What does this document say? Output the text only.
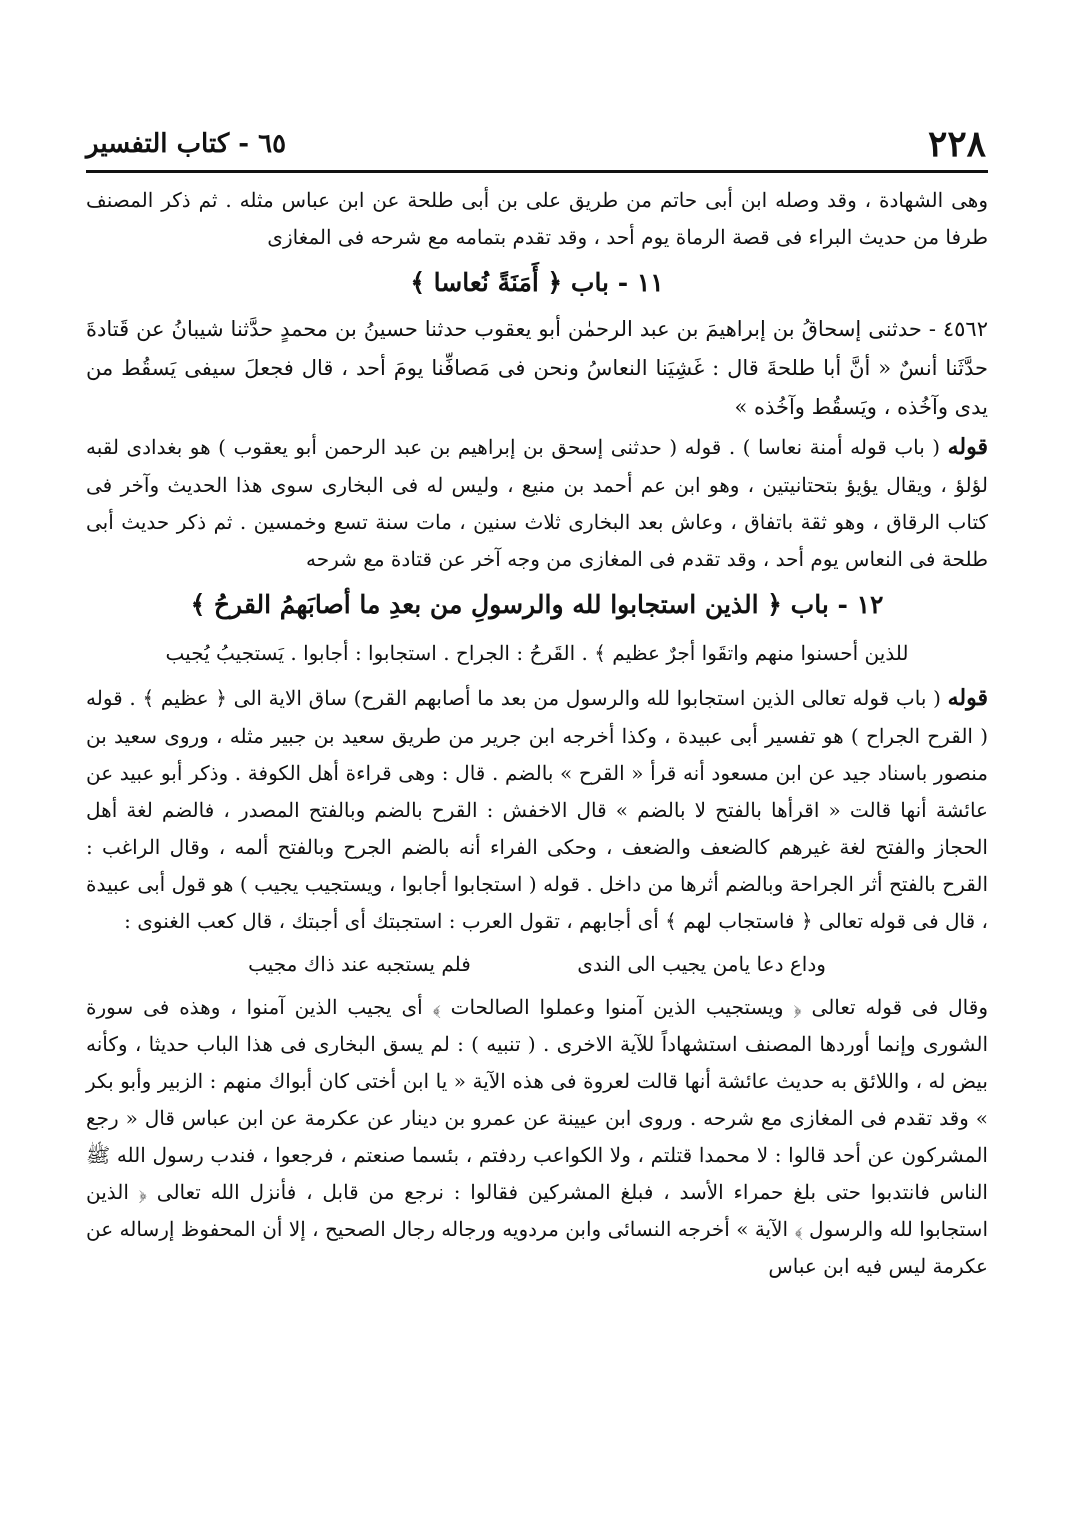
٢٢٨
٦٥ - كتاب التفسير

وهى الشهادة ، وقد وصله ابن أبى حاتم من طريق على بن أبى طلحة عن ابن عباس مثله . ثم ذكر المصنف طرفا من حديث البراء فى قصة الرماة يوم أحد ، وقد تقدم بتمامه مع شرحه فى المغازى

١١ - باب ﴿ أَمَنَةً نُعاسا ﴾

٤٥٦٢ - حدثنى إسحاقُ بن إبراهيمَ بن عبد الرحمٰن أبو يعقوب حدثنا حسينُ بن محمدٍ حدَّثنا شيبانُ عن قَتادةَ حدَّثَنا أنسٌ « أنَّ أبا طلحةَ قال : غَشِيَنا النعاسُ ونحن فى مَصافِّنا يومَ أحد ، قال فجعلَ سيفى يَسقُط من يدى وآخُذه ، ويَسقُط وآخُذه »

قوله ( باب قوله أمنة نعاسا ) . قوله ( حدثنى إسحق بن إبراهيم بن عبد الرحمن أبو يعقوب ) هو بغدادى لقبه لؤلؤ ، ويقال يؤيؤ بتحتانيتين ، وهو ابن عم أحمد بن منيع ، وليس له فى البخارى سوى هذا الحديث وآخر فى كتاب الرقاق ، وهو ثقة باتفاق ، وعاش بعد البخارى ثلاث سنين ، مات سنة تسع وخمسين . ثم ذكر حديث أبى طلحة فى النعاس يوم أحد ، وقد تقدم فى المغازى من وجه آخر عن قتادة مع شرحه

١٢ - باب ﴿ الذين استجابوا لله والرسولِ من بعدِ ما أصابَهمُ القرحُ ﴾

للذين أحسنوا منهم واتقَوا أجرٌ عظيم ﴾ . القَرحُ : الجراح . استجابوا : أجابوا . يَستجيبُ يُجيب

قوله ( باب قوله تعالى الذين استجابوا لله والرسول من بعد ما أصابهم القرح) ساق الاية الى ﴿ عظيم ﴾ . قوله ( القرح الجراح ) هو تفسير أبى عبيدة ، وكذا أخرجه ابن جرير من طريق سعيد بن جبير مثله ، وروى سعيد بن منصور باسناد جيد عن ابن مسعود أنه قرأ « القرح » بالضم . قال : وهى قراءة أهل الكوفة . وذكر أبو عبيد عن عائشة أنها قالت « اقرأها بالفتح لا بالضم » قال الاخفش : القرح بالضم وبالفتح المصدر ، فالضم لغة أهل الحجاز والفتح لغة غيرهم كالضعف والضعف ، وحكى الفراء أنه بالضم الجرح وبالفتح ألمه ، وقال الراغب : القرح بالفتح أثر الجراحة وبالضم أثرها من داخل . قوله ( استجابوا أجابوا ، ويستجيب يجيب ) هو قول أبى عبيدة ، قال فى قوله تعالى ﴿ فاستجاب لهم ﴾ أى أجابهم ، تقول العرب : استجبتك أى أجبتك ، قال كعب الغنوى :

وداع دعا يامن يجيب الى الندى فلم يستجبه عند ذاك مجيب

وقال فى قوله تعالى ﴿ ويستجيب الذين آمنوا وعملوا الصالحات ﴾ أى يجيب الذين آمنوا ، وهذه فى سورة الشورى وإنما أوردها المصنف استشهاداً للآية الاخرى . ( تنبيه ) : لم يسق البخارى فى هذا الباب حديثا ، وكأنه بيض له ، واللائق به حديث عائشة أنها قالت لعروة فى هذه الآية « يا ابن أختى كان أبواك منهم : الزبير وأبو بكر » وقد تقدم فى المغازى مع شرحه . وروى ابن عيينة عن عمرو بن دينار عن عكرمة عن ابن عباس قال « رجع المشركون عن أحد قالوا : لا محمدا قتلتم ، ولا الكواعب ردفتم ، بئسما صنعتم ، فرجعوا ، فندب رسول الله ﷺ الناس فانتدبوا حتى بلغ حمراء الأسد ، فبلغ المشركين فقالوا : نرجع من قابل ، فأنزل الله تعالى ﴿ الذين استجابوا لله والرسول ﴾ الآية » أخرجه النسائى وابن مردويه ورجاله رجال الصحيح ، إلا أن المحفوظ إرساله عن عكرمة ليس فيه ابن عباس
